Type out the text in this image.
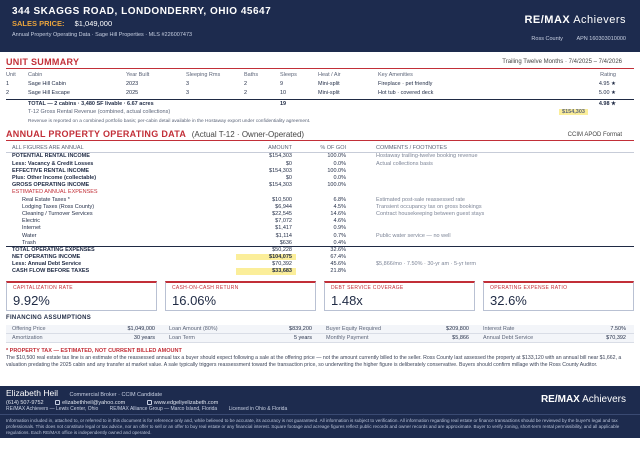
344 SKAGGS ROAD, LONDONDERRY, OHIO 45647
SALES PRICE: $1,049,000
Annual Property Operating Data · Sage Hill Properties · MLS #226007473
RE/MAX Achievers
Ross County APN 160303010000
UNIT SUMMARY	Trailing Twelve Months · 7/4/2025 – 7/4/2026
Unit	Cabin	Year Built	Sleeping Rms	Baths	Sleeps	Heat / Air	Key Amenities	Rating
1	Sage Hill Cabin	2023	3	2	9	Mini-split	Fireplace · pet friendly	4.95 ★
2	Sage Hill Escape	2025	3	2	10	Mini-split	Hot tub · covered deck	5.00 ★
TOTAL — 2 cabins · 3,480 SF livable · 6.67 acres	19	4.98 ★
T-12 Gross Rental Revenue (combined, actual collections)	$154,303
Revenue is reported on a combined portfolio basis; per-cabin detail available in the Hostaway export under confidentiality agreement.
ANNUAL PROPERTY OPERATING DATA (Actual T-12 · Owner-Operated)	CCIM APOD Format
ALL FIGURES ARE ANNUAL	AMOUNT	% OF GOI	COMMENTS / FOOTNOTES
POTENTIAL RENTAL INCOME	$154,303	100.0%	Hostaway trailing-twelve booking revenue
Less: Vacancy & Credit Losses	$0	0.0%	Actual collections basis
EFFECTIVE RENTAL INCOME	$154,303	100.0%
Plus: Other Income (collectable)	$0	0.0%
GROSS OPERATING INCOME	$154,303	100.0%
ESTIMATED ANNUAL EXPENSES
Real Estate Taxes *	$10,500	6.8%	Estimated post-sale reassessed rate
Lodging Taxes (Ross County)	$6,944	4.5%	Transient occupancy tax on gross bookings
Cleaning / Turnover Services	$22,545	14.6%	Contract housekeeping between guest stays
Electric	$7,072	4.6%
Internet	$1,417	0.9%
Water	$1,114	0.7%	Public water service — no well
Trash	$636	0.4%
TOTAL OPERATING EXPENSES	$50,228	32.6%
NET OPERATING INCOME	$104,075	67.4%
Less: Annual Debt Service	$70,392	45.6%	$5,866/mo · 7.50% · 30-yr am · 5-yr term
CASH FLOW BEFORE TAXES	$33,683	21.8%
CAPITALIZATION RATE
9.92%
CASH-ON-CASH RETURN
16.06%
DEBT SERVICE COVERAGE
1.48x
OPERATING EXPENSE RATIO
32.6%
FINANCING ASSUMPTIONS
Offering Price	$1,049,000	Loan Amount (80%)	$839,200	Buyer Equity Required	$209,800	Interest Rate	7.50%
Amortization	30 years	Loan Term	5 years	Monthly Payment	$5,866	Annual Debt Service	$70,392
* PROPERTY TAX — ESTIMATED, NOT CURRENT BILLED AMOUNT
The $10,500 real estate tax line is an estimate of the reassessed annual tax a buyer should expect following a sale at the offering price — not the amount currently billed to the seller. Ross County last assessed the property at $133,120 with an annual bill near $1,662, a valuation predating the 2025 cabin and any transfer at market value. A sale typically triggers reassessment toward the transaction price, so underwriting the higher figure is deliberately conservative. Buyers should confirm millage with the Ross County Auditor.
Elizabeth Heil Commercial Broker · CCIM Candidate
(614) 507-9752	elizabethheil@yahoo.com	www.edgeliyelizabeth.com
RE/MAX Achievers — Lewis Center, Ohio RE/MAX Alliance Group — Marco Island, Florida Licensed in Ohio & Florida
RE/MAX Achievers
Information included in, attached to, or referred to in this document is for reference only and, while believed to be accurate, its accuracy is not guaranteed. All information is subject to verification. All information regarding real estate or finance transactions should be reviewed by the buyer's legal and tax professionals. This does not constitute legal or tax advice, nor an offer to sell or an offer to buy real estate or any financial interest. Square footage and acreage figures reflect public records and owner records and are approximate. Buyer to verify zoning, short-term rental permissibility, and all applicable regulations. Each RE/MAX office is independently owned and operated.
